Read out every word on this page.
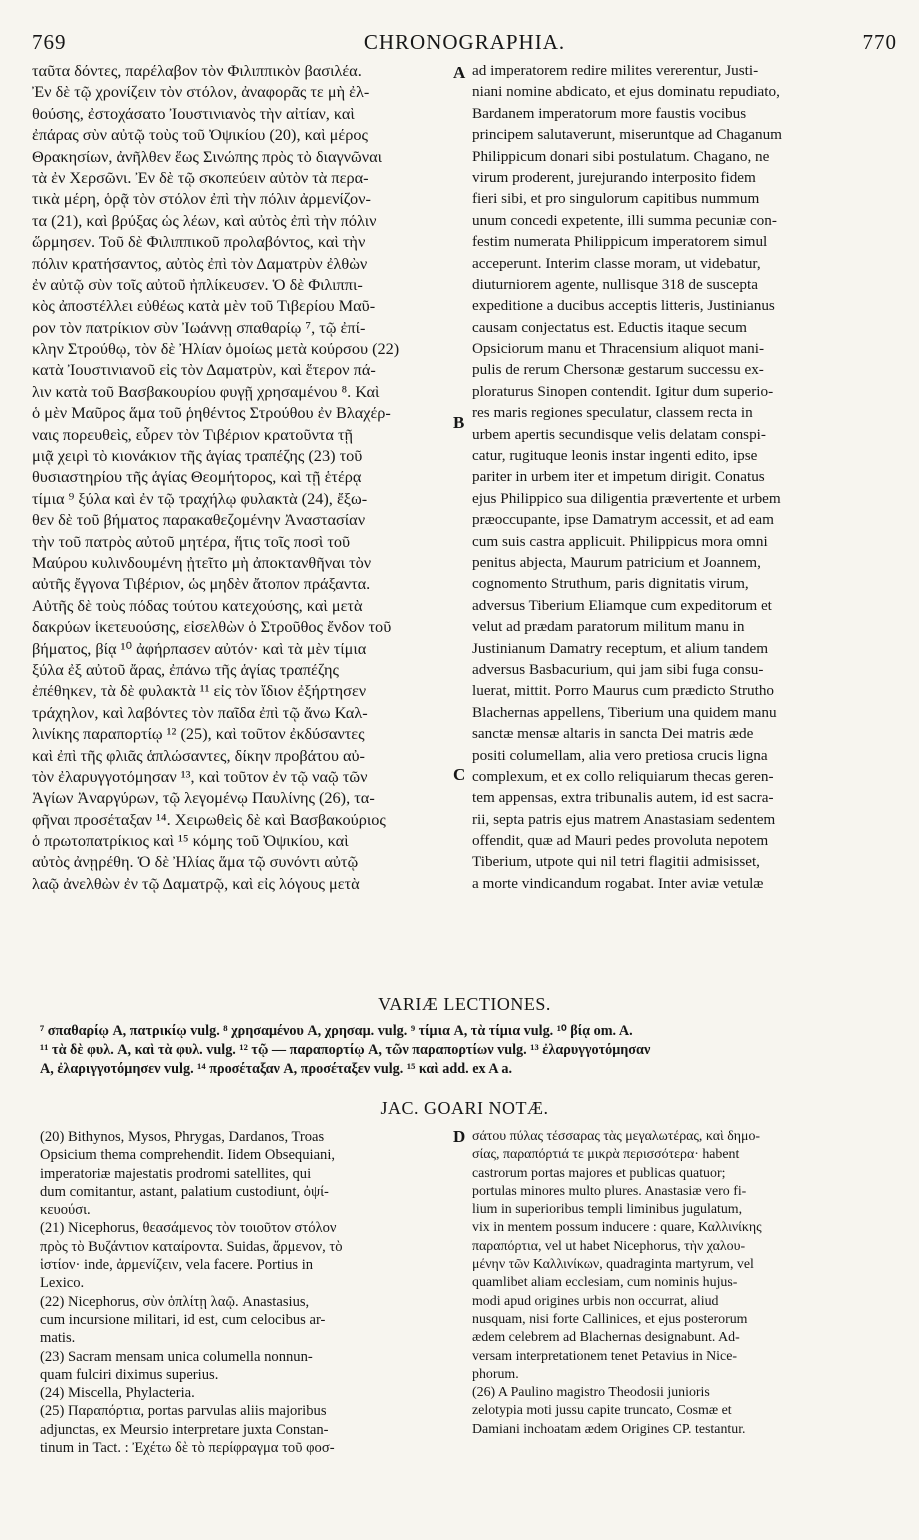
CHRONOGRAPHIA.
769	770
ταῦτα δόντες, παρέλαβον τὸν Φιλιππικὸν βασιλέα.
Ἐν δὲ τῷ χρονίζειν τὸν στόλον, ἀναφορᾶς τε μὴ ἐλ-
θούσης, ἐστοχάσατο Ἰουστινιανὸς τὴν αἰτίαν, καὶ
ἐπάρας σὺν αὐτῷ τοὺς τοῦ Ὀψικίου (20), καὶ μέρος
Θρακησίων, ἀνῆλθεν ἕως Σινώπης πρὸς τὸ διαγνῶναι
τὰ ἐν Χερσῶνι. Ἐν δὲ τῷ σκοπεύειν αὐτὸν τὰ περα-
τικὰ μέρη, ὁρᾷ τὸν στόλον ἐπὶ τὴν πόλιν ἀρμενίζον-
τα (21), καὶ βρύξας ὡς λέων, καὶ αὐτὸς ἐπὶ τὴν πόλιν
ὥρμησεν. Τοῦ δὲ Φιλιππικοῦ προλαβόντος, καὶ τὴν
πόλιν κρατήσαντος, αὐτὸς ἐπὶ τὸν Δαματρὺν ἐλθὼν
ἐν αὐτῷ σὺν τοῖς αὐτοῦ ἠπλίκευσεν. Ὁ δὲ Φιλιππι-
κὸς ἀποστέλλει εὐθέως κατὰ μὲν τοῦ Τιβερίου Μαῦ-
ρον τὸν πατρίκιον σὺν Ἰωάννῃ σπαθαρίῳ ⁷, τῷ ἐπί-
κλην Στρούθῳ, τὸν δὲ Ἠλίαν ὁμοίως μετὰ κούρσου (22)
κατὰ Ἰουστινιανοῦ εἰς τὸν Δαματρὺν, καὶ ἕτερον πά-
λιν κατὰ τοῦ Βασβακουρίου φυγῇ χρησαμένου ⁸. Καὶ
ὁ μὲν Μαῦρος ἅμα τοῦ ῥηθέντος Στρούθου ἐν Βλαχέρ-
ναις πορευθεὶς, εὗρεν τὸν Τιβέριον κρατοῦντα τῇ
μιᾷ χειρὶ τὸ κιονάκιον τῆς ἁγίας τραπέζης (23) τοῦ
θυσιαστηρίου τῆς ἁγίας Θεομήτορος, καὶ τῇ ἑτέρᾳ
τίμια ⁹ ξύλα καὶ ἐν τῷ τραχήλῳ φυλακτὰ (24), ἔξω-
θεν δὲ τοῦ βήματος παρακαθεζομένην Ἀναστασίαν
τὴν τοῦ πατρὸς αὐτοῦ μητέρα, ἥτις τοῖς ποσὶ τοῦ
Μαύρου κυλινδουμένη ᾐτεῖτο μὴ ἀποκτανθῆναι τὸν
αὐτῆς ἔγγονα Τιβέριον, ὡς μηδὲν ἄτοπον πράξαντα.
Αὐτῆς δὲ τοὺς πόδας τούτου κατεχούσης, καὶ μετὰ
δακρύων ἱκετευούσης, εἰσελθὼν ὁ Στροῦθος ἔνδον τοῦ
βήματος, βίᾳ ¹⁰ ἀφήρπασεν αὐτόν· καὶ τὰ μὲν τίμια
ξύλα ἐξ αὐτοῦ ἄρας, ἐπάνω τῆς ἁγίας τραπέζης
ἐπέθηκεν, τὰ δὲ φυλακτὰ ¹¹ εἰς τὸν ἴδιον ἐξήρτησεν
τράχηλον, καὶ λαβόντες τὸν παῖδα ἐπὶ τῷ ἄνω Καλ-
λινίκης παραπορτίῳ ¹² (25), καὶ τοῦτον ἐκδύσαντες
καὶ ἐπὶ τῆς φλιᾶς ἁπλώσαντες, δίκην προβάτου αὐ-
τὸν ἐλαρυγγοτόμησαν ¹³, καὶ τοῦτον ἐν τῷ ναῷ τῶν
Ἁγίων Ἀναργύρων, τῷ λεγομένῳ Παυλίνης (26), τα-
φῆναι προσέταξαν ¹⁴. Χειρωθεὶς δὲ καὶ Βασβακούριος
ὁ πρωτοπατρίκιος καὶ ¹⁵ κόμης τοῦ Ὀψικίου, καὶ
αὐτὸς ἀνῃρέθη. Ὁ δὲ Ἠλίας ἅμα τῷ συνόντι αὐτῷ
λαῷ ἀνελθὼν ἐν τῷ Δαματρῷ, καὶ εἰς λόγους μετὰ
ad imperatorem redire milites vererentur, Justi-
niani nomine abdicato, et ejus dominatu repudiato,
Bardanem imperatorum more faustis vocibus
principem salutaverunt, miseruntque ad Chaganum
Philippicum donari sibi postulatum. Chagano, ne
virum proderent, jurejurando interposito fidem
fieri sibi, et pro singulorum capitibus nummum
unum concedi expetente, illi summa pecuniæ con-
festim numerata Philippicum imperatorem simul
acceperunt. Interim classe moram, ut videbatur,
diuturniorem agente, nullisque 318 de suscepta
expeditione a ducibus acceptis litteris, Justinianus
causam conjectatus est. Eductis itaque secum
Opsiciorum manu et Thracensium aliquot mani-
pulis de rerum Chersonæ gestarum successu ex-
ploraturus Sinopen contendit. Igitur dum superio-
res maris regiones speculatur, classem recta in
urbem apertis secundisque velis delatam conspi-
catur, rugituque leonis instar ingenti edito, ipse
pariter in urbem iter et impetum dirigit. Conatus
ejus Philippico sua diligentia prævertente et urbem
præoccupante, ipse Damatrym accessit, et ad eam
cum suis castra applicuit. Philippicus mora omni
penitus abjecta, Maurum patricium et Joannem,
cognomento Struthum, paris dignitatis virum,
adversus Tiberium Eliamque cum expeditorum et
velut ad prædam paratorum militum manu in
Justinianum Damatry receptum, et alium tandem
adversus Basbacurium, qui jam sibi fuga consu-
luerat, mittit. Porro Maurus cum prædicto Strutho
Blachernas appellens, Tiberium una quidem manu
sanctæ mensæ altaris in sancta Dei matris æde
positi columellam, alia vero pretiosa crucis ligna
complexum, et ex collo reliquiarum thecas geren-
tem appensas, extra tribunalis autem, id est sacra-
rii, septa patris ejus matrem Anastasiam sedentem
offendit, quæ ad Mauri pedes provoluta nepotem
Tiberium, utpote qui nil tetri flagitii admisisset,
a morte vindicandum rogabat. Inter aviæ vetulæ
A
B
C
D
VARIÆ LECTIONES.
⁷ σπαθαρίῳ A, πατρικίῳ vulg. ⁸ χρησαμένου A, χρησαμ. vulg. ⁹ τίμια A, τὰ τίμια vulg. ¹⁰ βίᾳ om. A.
¹¹ τὰ δὲ φυλ. A, καὶ τὰ φυλ. vulg. ¹² τῷ — παραπορτίῳ A, τῶν παραπορτίων vulg. ¹³ ἐλαρυγγοτόμησαν
A, ἐλαριγγοτόμησεν vulg. ¹⁴ προσέταξαν A, προσέταξεν vulg. ¹⁵ καὶ add. ex A a.
JAC. GOARI NOTÆ.
(20) Bithynos, Mysos, Phrygas, Dardanos, Troas
Opsicium thema comprehendit. Iidem Obsequiani,
imperatoriæ majestatis prodromi satellites, qui
dum comitantur, astant, palatium custodiunt, ὀψί-
κευούσι.
(21) Nicephorus, θεασάμενος τὸν τοιοῦτον στόλον
πρὸς τὸ Βυζάντιον καταίροντα. Suidas, ἄρμενον, τὸ
ἱστίον· inde, ἀρμενίζειν, vela facere. Portius in
Lexico.
(22) Nicephorus, σὺν ὁπλίτῃ λαῷ. Anastasius,
cum incursione militari, id est, cum celocibus ar-
matis.
(23) Sacram mensam unica columella nonnun-
quam fulciri diximus superius.
(24) Miscella, Phylacteria.
(25) Παραπόρτια, portas parvulas aliis majoribus
adjunctas, ex Meursio interpretare juxta Constan-
tinum in Tact. : Ἐχέτω δὲ τὸ περίφραγμα τοῦ φοσ-
σάτου πύλας τέσσαρας τὰς μεγαλωτέρας, καὶ δημο-
σίας, παραπόρτιά τε μικρὰ περισσότερα· habent
castrorum portas majores et publicas quatuor;
portulas minores multo plures. Anastasiæ vero fi-
lium in superioribus templi liminibus jugulatum,
vix in mentem possum inducere : quare, Καλλινίκης
παραπόρτια, vel ut habet Nicephorus, τὴν χαλου-
μένην τῶν Καλλινίκων, quadraginta martyrum, vel
quamlibet aliam ecclesiam, cum nominis hujus-
modi apud origines urbis non occurrat, aliud
nusquam, nisi forte Callinices, et ejus posterorum
ædem celebrem ad Blachernas designabunt. Ad-
versam interpretationem tenet Petavius in Nice-
phorum.
(26) A Paulino magistro Theodosii junioris
zelotypia moti jussu capite truncato, Cosmæ et
Damiani inchoatam ædem Origines CP. testantur.
